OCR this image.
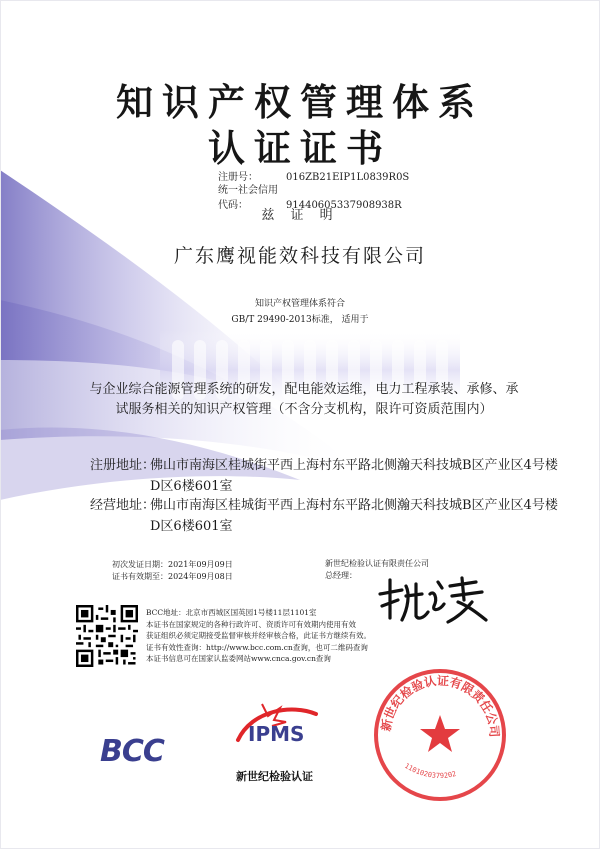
知识产权管理体系
认证证书
注册号：	016ZB21EIP1L0839R0S
统一社会信用代码：	91440605337908938R
兹 证 明
广东鹰视能效科技有限公司
知识产权管理体系符合
GB/T 29490-2013标准， 适用于
与企业综合能源管理系统的研发，配电能效运维，电力工程承装、承修、承试服务相关的知识产权管理（不含分支机构，限许可资质范围内）
注册地址：
佛山市南海区桂城街平西上海村东平路北侧瀚天科技城B区产业区4号楼D区6楼601室
经营地址：
佛山市南海区桂城街平西上海村东平路北侧瀚天科技城B区产业区4号楼D区6楼601室
初次发证日期：2021年09月09日
证书有效期至：2024年09月08日
新世纪检验认证有限责任公司
总经理：
BCC地址：北京市西城区国英园1号楼11层1101室
本证书在国家规定的各种行政许可、资质许可有效期内使用有效
获证组织必须定期接受监督审核并经审核合格，此证书方继续有效。
证书有效性查询：http://www.bcc.com.cn查询，也可二维码查询
本证书信息可在国家认监委网站www.cnca.gov.cn查询
BCC	IPMS
新世纪检验认证
新世纪检验认证有限责任公司
1101020379202
